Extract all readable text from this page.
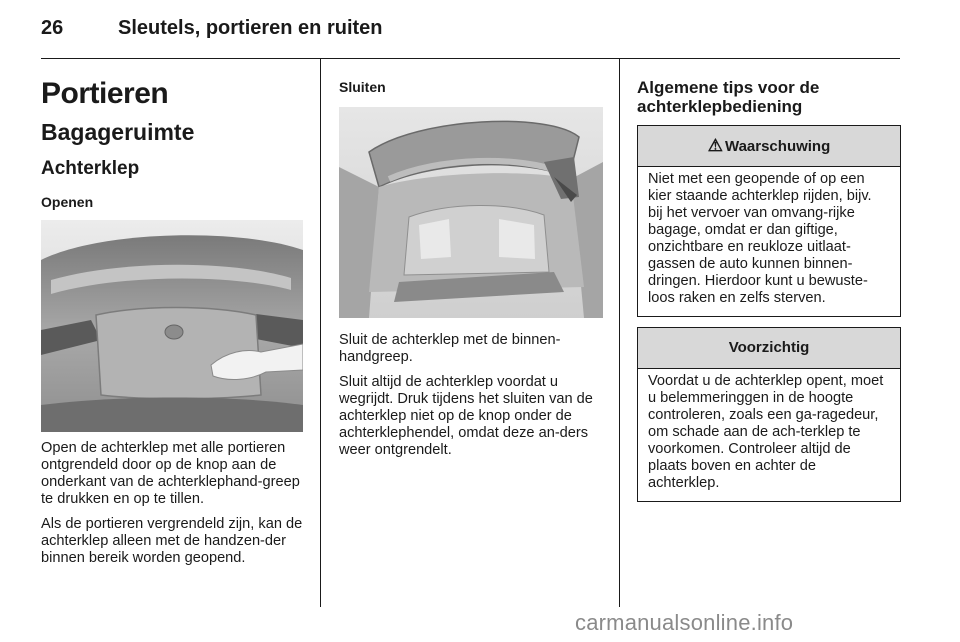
26	Sleutels, portieren en ruiten
Portieren
Bagageruimte
Achterklep
Openen

Open de achterklep met alle portieren ontgrendeld door op de knop aan de onderkant van de achterklephand-greep te drukken en op te tillen.

Als de portieren vergrendeld zijn, kan de achterklep alleen met de handzen-der binnen bereik worden geopend.

Sluiten

Sluit de achterklep met de binnen-handgreep.

Sluit altijd de achterklep voordat u wegrijdt. Druk tijdens het sluiten van de achterklep niet op de knop onder de achterklephendel, omdat deze an-ders weer ontgrendelt.

Algemene tips voor de achterklepbediening
⚠ Waarschuwing

Niet met een geopende of op een kier staande achterklep rijden, bijv. bij het vervoer van omvang-rijke bagage, omdat er dan giftige, onzichtbare en reukloze uitlaat-gassen de auto kunnen binnen-dringen. Hierdoor kunt u bewuste-loos raken en zelfs sterven.

Voorzichtig

Voordat u de achterklep opent, moet u belemmeringgen in de hoogte controleren, zoals een ga-ragedeur, om schade aan de ach-terklep te voorkomen. Controleer altijd de plaats boven en achter de achterklep.

carmanualsonline.info
